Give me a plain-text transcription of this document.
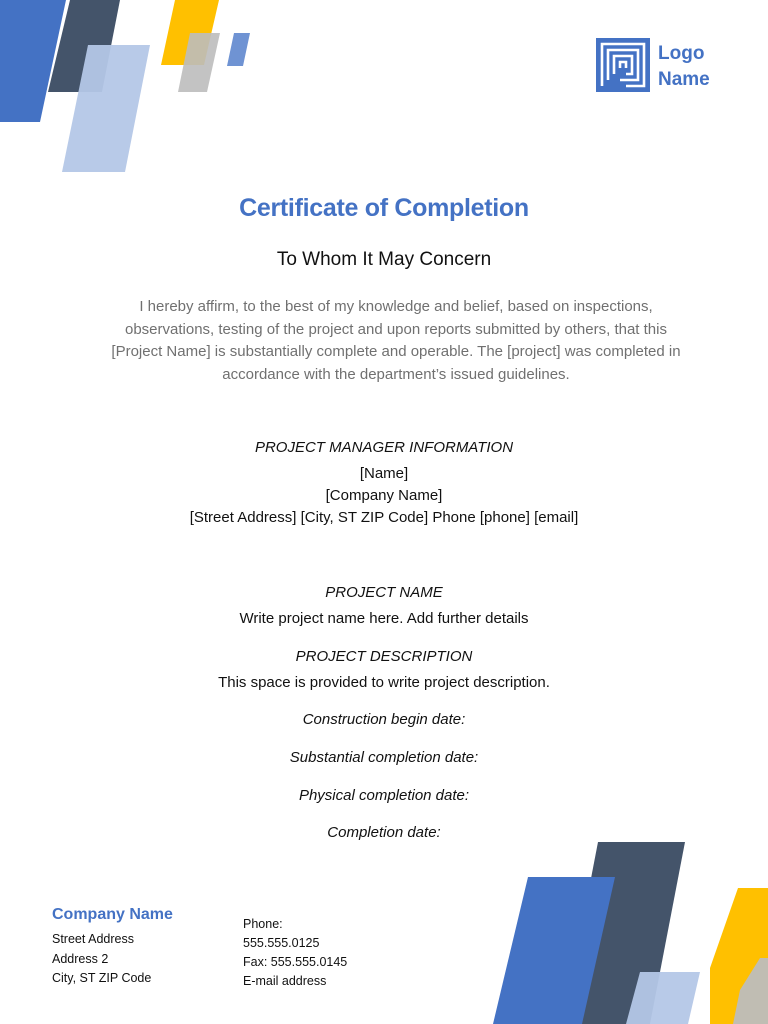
Logo
Name
Certificate of Completion
To Whom It May Concern
I hereby affirm, to the best of my knowledge and belief, based on inspections,
observations, testing of the project and upon reports submitted by others, that this
[Project Name] is substantially complete and operable. The [project] was completed in
accordance with the department’s issued guidelines.
PROJECT MANAGER INFORMATION
[Name]
[Company Name]
[Street Address] [City, ST ZIP Code] Phone [phone] [email]
PROJECT NAME
Write project name here. Add further details
PROJECT DESCRIPTION
This space is provided to write project description.
Construction begin date:
Substantial completion date:
Physical completion date:
Completion date:
Company Name
Street Address
Address 2
City, ST ZIP Code
Phone:
555.555.0125
Fax: 555.555.0145
E-mail address
